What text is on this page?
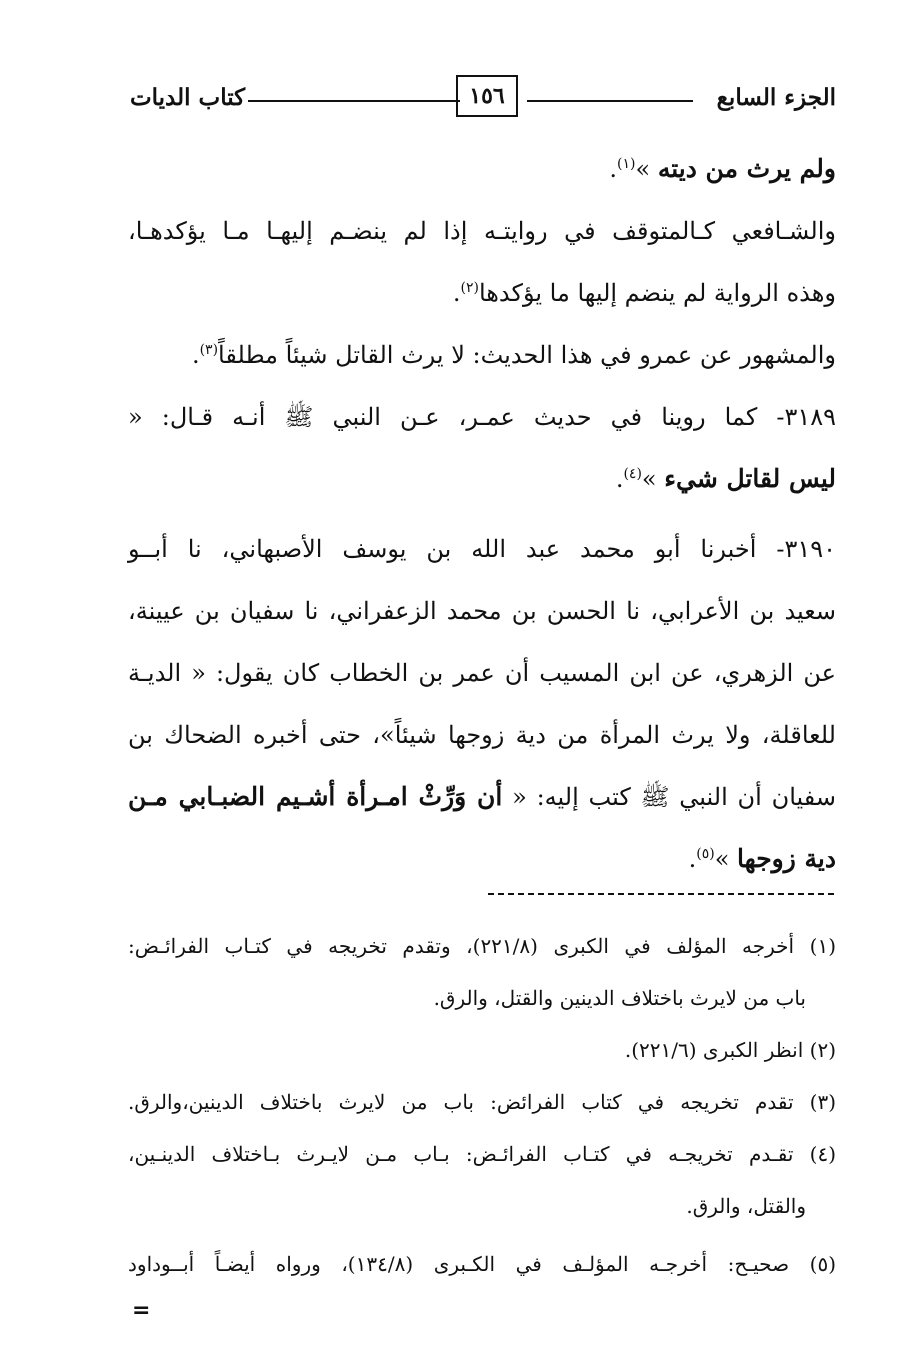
الجزء السابع
١٥٦
كتاب الديات
ولم يرث من ديته »$^{(١)}$.
والشـافعي كـالمتوقف في روايتـه إذا لم ينضـم إليهـا مـا يؤكدهـا،
وهذه الرواية لم ينضم إليها ما يؤكدها$^{(٢)}$.
والمشهور عن عمرو في هذا الحديث: لا يرث القاتل شيئاً مطلقاً$^{(٣)}$.
٣١٨٩- كما روينا في حديث عمـر، عـن النبي ﷺ أنـه قـال: «
ليس لقاتل شيء »$^{(٤)}$.
٣١٩٠- أخبرنا أبو محمد عبد الله بن يوسف الأصبهاني، نا أبــو
سعيد بن الأعرابي، نا الحسن بن محمد الزعفراني، نا سفيان بن عيينة،
عن الزهري، عن ابن المسيب أن عمر بن الخطاب كان يقول: « الديـة
للعاقلة، ولا يرث المرأة من دية زوجها شيئاً»، حتى أخبره الضحاك بن
سفيان أن النبي ﷺ كتب إليه: « أن وَرِّثْ امـرأة أشـيم الضبـابي مـن
دية زوجها »$^{(٥)}$.
(١) أخرجه المؤلف في الكبرى (٢٢١/٨)، وتقدم تخريجه في كتـاب الفرائـض:
باب من لايرث باختلاف الدينين والقتل، والرق.
(٢) انظر الكبرى (٢٢١/٦).
(٣) تقدم تخريجه في كتاب الفرائض: باب من لايرث باختلاف الدينين،والرق.
(٤) تقـدم تخريجـه في كتـاب الفرائـض: بـاب مـن لايـرث بـاختلاف الدينـين،
والقتل، والرق.
(٥) صحيـح: أخرجـه المؤلـف في الكـبرى (١٣٤/٨)، ورواه أيضـاً أبــوداود
=
